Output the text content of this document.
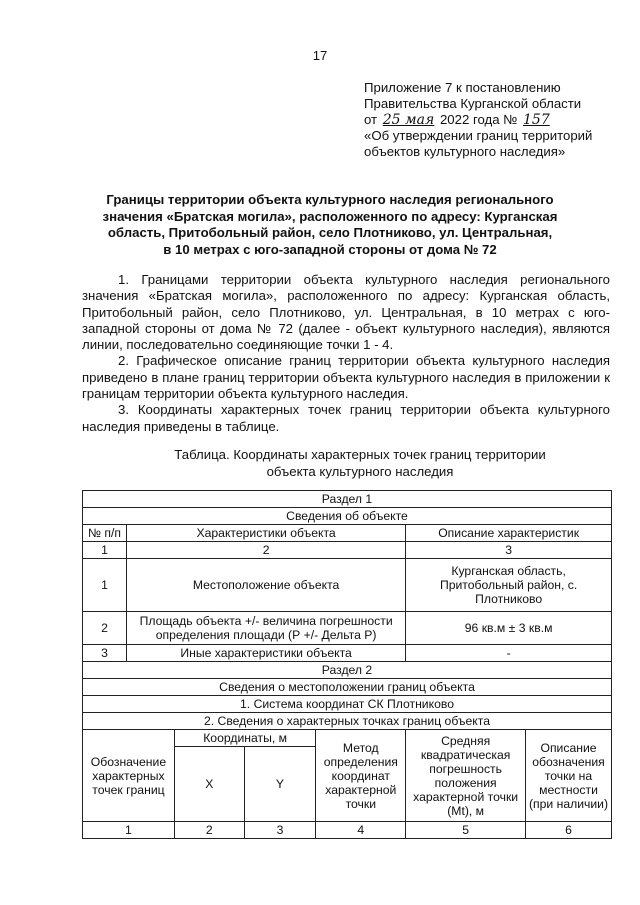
17
Приложение 7 к постановлению
Правительства Курганской области
от 25 мая 2022 года № 157
«Об утверждении границ территорий
объектов культурного наследия»
Границы территории объекта культурного наследия регионального
значения «Братская могила», расположенного по адресу: Курганская
область, Притобольный район, село Плотниково, ул. Центральная,
в 10 метрах с юго-западной стороны от дома № 72

1. Границами территории объекта культурного наследия регионального значения «Братская могила», расположенного по адресу: Курганская область, Притобольный район, село Плотниково, ул. Центральная, в 10 метрах с юго-западной стороны от дома № 72 (далее - объект культурного наследия), являются линии, последовательно соединяющие точки 1 - 4.

2. Графическое описание границ территории объекта культурного наследия приведено в плане границ территории объекта культурного наследия в приложении к границам территории объекта культурного наследия.

3. Координаты характерных точек границ территории объекта культурного наследия приведены в таблице.

Таблица. Координаты характерных точек границ территории
объекта культурного наследия
Раздел 1						
Сведения об объекте						
№ п/п	Характеристики объекта				Описание характеристик	
1	2				3	
1	Местоположение объекта				Курганская область, Притобольный район, с. Плотниково	
2	Площадь объекта +/- величина погрешности определения площади (Р +/- Дельта Р)				96 кв.м ± 3 кв.м	
3	Иные характеристики объекта				-	
Раздел 2						
Сведения о местоположении границ объекта						
1. Система координат СК Плотниково						
2. Сведения о характерных точках границ объекта						
Обозначение характерных точек границ		Координаты, м		Метод определения координат характерной точки	Средняя квадратическая погрешность положения характерной точки (Mt), м	Описание обозначения точки на местности (при наличии)
		X	Y			
1		2	3	4	5	6
